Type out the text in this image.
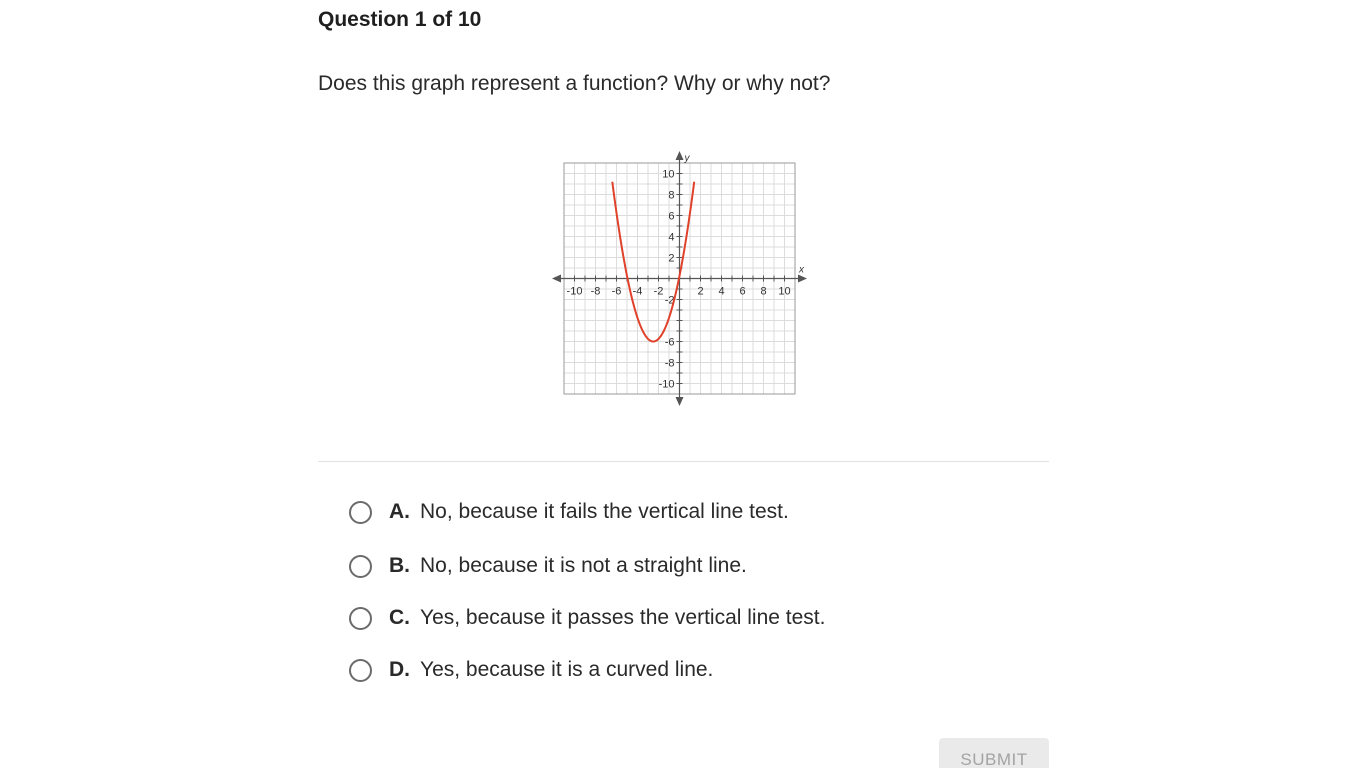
Question 1 of 10
Does this graph represent a function? Why or why not?
x
y
-10 -8 -6 -4 -2	2 4 6 8 10
10
8
6
4
2
-2
-6
-8
-10
A. No, because it fails the vertical line test.
B. No, because it is not a straight line.
C. Yes, because it passes the vertical line test.
D. Yes, because it is a curved line.
SUBMIT
